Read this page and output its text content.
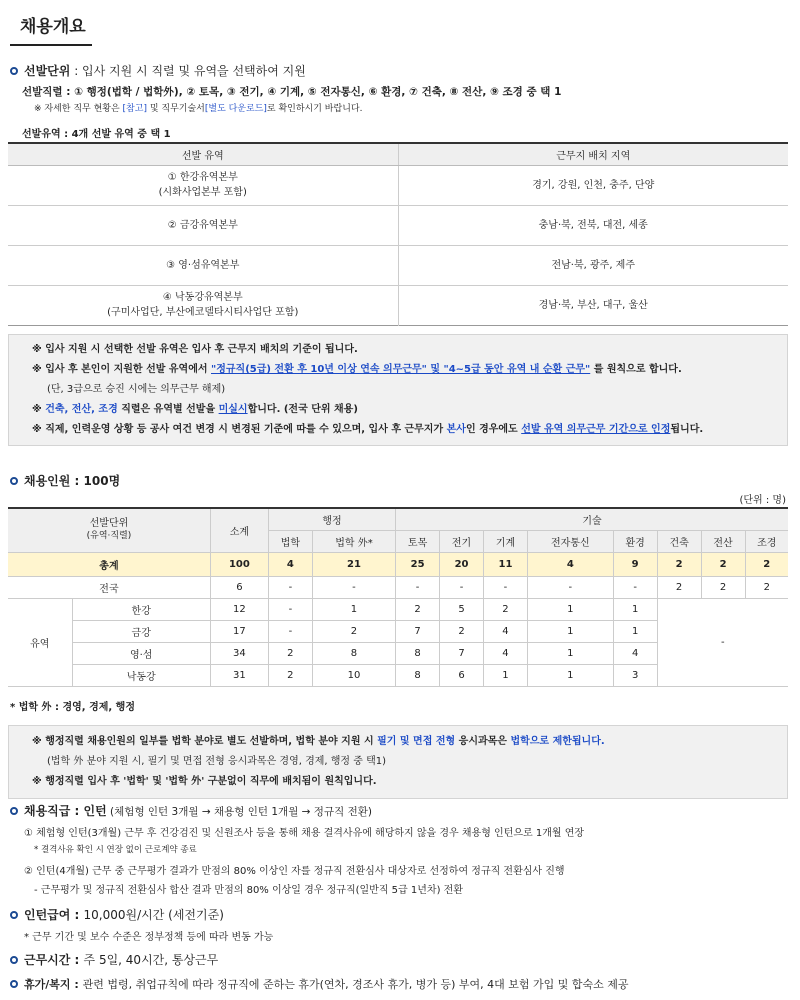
채용개요
선발단위 : 입사 지원 시 직렬 및 유역을 선택하여 지원
선발직렬 : ① 행정(법학 / 법학外), ② 토목, ③ 전기, ④ 기계, ⑤ 전자통신, ⑥ 환경, ⑦ 건축, ⑧ 전산, ⑨ 조경 중 택 1
※ 자세한 직무 현황은 [참고] 및 직무기술서[별도 다운로드]로 확인하시기 바랍니다.
선발유역 : 4개 선발 유역 중 택 1
선발 유역	근무지 배치 지역

① 한강유역본부
(시화사업본부 포함)	경기, 강원, 인천, 충주, 단양
② 금강유역본부	충남·북, 전북, 대전, 세종
③ 영·섬유역본부	전남·북, 광주, 제주

④ 낙동강유역본부
(구미사업단, 부산에코델타시티사업단 포함)	경남·북, 부산, 대구, 울산
※ 입사 지원 시 선택한 선발 유역은 입사 후 근무지 배치의 기준이 됩니다.
※ 입사 후 본인이 지원한 선발 유역에서 "정규직(5급) 전환 후 10년 이상 연속 의무근무" 및 "4~5급 동안 유역 내 순환 근무" 를 원칙으로 합니다.
(단, 3급으로 승진 시에는 의무근무 해제)
※ 건축, 전산, 조경 직렬은 유역별 선발을 미실시합니다. (전국 단위 채용)
※ 직제, 인력운영 상황 등 공사 여건 변경 시 변경된 기준에 따를 수 있으며, 입사 후 근무지가 본사인 경우에도 선발 유역 의무근무 기간으로 인정됩니다.
채용인원 : 100명
(단위 : 명)
선발단위
(유역·직렬)		소계	행정		기술							
			법학	법학 外*	토목	전기	기계	전자통신	환경	건축	전산	조경
총계		100	4	21	25	20	11	4	9	2	2	2
전국		6	-	-	-	-	-	-	-	2	2	2
유역	한강	12	-	1	2	5	2	1	1	-		
	금강	17	-	2	7	2	4	1	1			
	영·섬	34	2	8	8	7	4	1	4			
	낙동강	31	2	10	8	6	1	1	3			
* 법학 外 : 경영, 경제, 행정
※ 행정직렬 채용인원의 일부를 법학 분야로 별도 선발하며, 법학 분야 지원 시 필기 및 면접 전형 응시과목은 법학으로 제한됩니다.
(법학 外 분야 지원 시, 필기 및 면접 전형 응시과목은 경영, 경제, 행정 중 택1)
※ 행정직렬 입사 후 '법학' 및 '법학 外' 구분없이 직무에 배치됨이 원칙입니다.
채용직급 : 인턴 (체험형 인턴 3개월 → 채용형 인턴 1개월 → 정규직 전환)
① 체험형 인턴(3개월) 근무 후 건강검진 및 신원조사 등을 통해 채용 결격사유에 해당하지 않을 경우 채용형 인턴으로 1개월 연장
* 결격사유 확인 시 연장 없이 근로계약 종료
② 인턴(4개월) 근무 중 근무평가 결과가 만점의 80% 이상인 자를 정규직 전환심사 대상자로 선정하여 정규직 전환심사 진행
- 근무평가 및 정규직 전환심사 합산 결과 만점의 80% 이상일 경우 정규직(일반직 5급 1년차) 전환
인턴급여 : 10,000원/시간 (세전기준)
* 근무 기간 및 보수 수준은 정부정책 등에 따라 변동 가능
근무시간 : 주 5일, 40시간, 통상근무
휴가/복지 : 관련 법령, 취업규칙에 따라 정규직에 준하는 휴가(연차, 경조사 휴가, 병가 등) 부여, 4대 보험 가입 및 합숙소 제공
